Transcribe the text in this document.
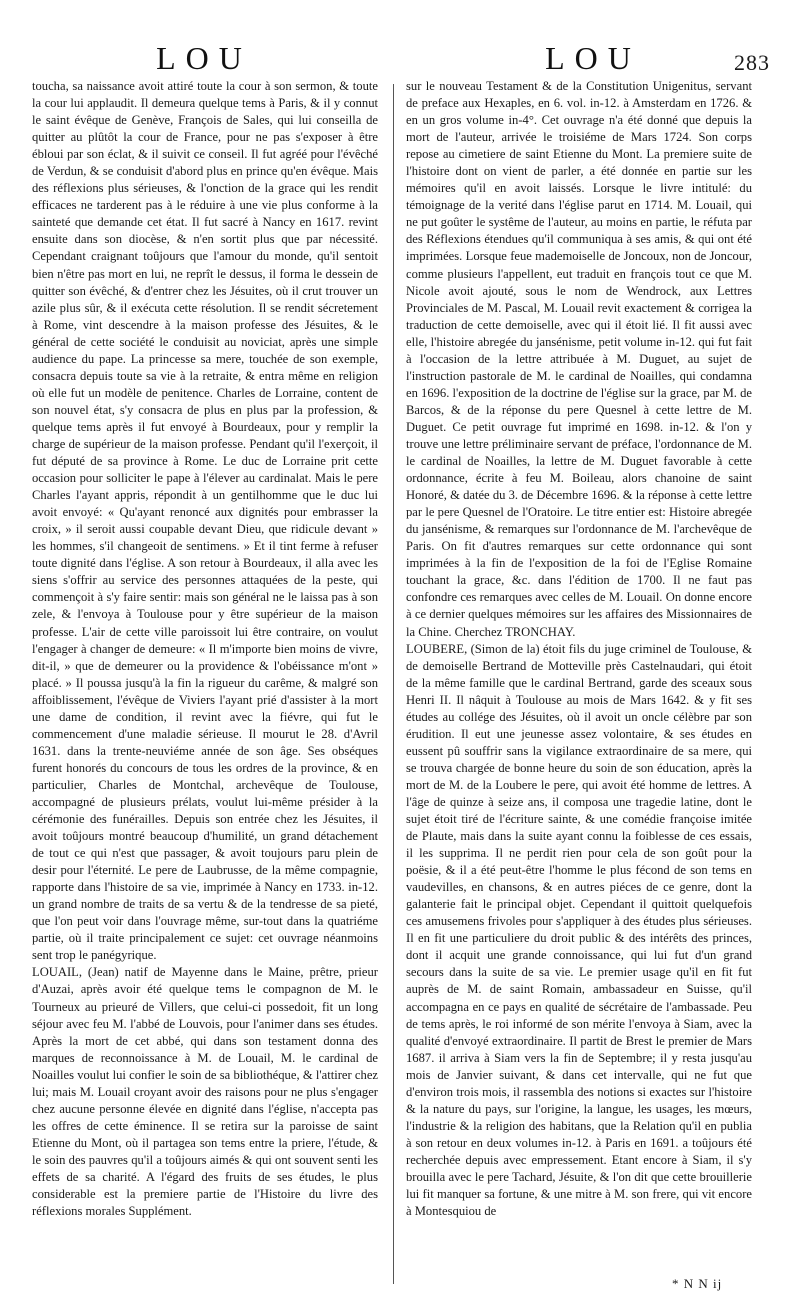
LOU	LOU	283

toucha, sa naissance avoit attiré toute la cour à son sermon, & toute la cour lui applaudit. Il demeura quelque tems à Paris, & il y connut le saint évêque de Genève, François de Sales, qui lui conseilla de quitter au plûtôt la cour de France, pour ne pas s'exposer à être ébloui par son éclat, & il suivit ce conseil. Il fut agréé pour l'évêché de Verdun, & se conduisit d'abord plus en prince qu'en évêque. Mais des réflexions plus sérieuses, & l'onction de la grace qui les rendit efficaces ne tarderent pas à le réduire à une vie plus conforme à la sainteté que demande cet état. Il fut sacré à Nancy en 1617. revint ensuite dans son diocèse, & n'en sortit plus que par nécessité. Cependant craignant toûjours que l'amour du monde, qu'il sentoit bien n'être pas mort en lui, ne reprît le dessus, il forma le dessein de quitter son évêché, & d'entrer chez les Jésuites, où il crut trouver un azile plus sûr, & il exécuta cette résolution. Il se rendit sécretement à Rome, vint descendre à la maison professe des Jésuites, & le général de cette société le conduisit au noviciat, après une simple audience du pape. La princesse sa mere, touchée de son exemple, consacra depuis toute sa vie à la retraite, & entra même en religion où elle fut un modèle de penitence. Charles de Lorraine, content de son nouvel état, s'y consacra de plus en plus par la profession, & quelque tems après il fut envoyé à Bourdeaux, pour y remplir la charge de supérieur de la maison professe. Pendant qu'il l'exerçoit, il fut député de sa province à Rome. Le duc de Lorraine prit cette occasion pour solliciter le pape à l'élever au cardinalat. Mais le pere Charles l'ayant appris, répondit à un gentilhomme que le duc lui avoit envoyé: « Qu'ayant renoncé aux dignités pour embrasser la croix, » il seroit aussi coupable devant Dieu, que ridicule devant » les hommes, s'il changeoit de sentimens. » Et il tint ferme à refuser toute dignité dans l'église. A son retour à Bourdeaux, il alla avec les siens s'offrir au service des personnes attaquées de la peste, qui commençoit à s'y faire sentir: mais son général ne le laissa pas à son zele, & l'envoya à Toulouse pour y être supérieur de la maison professe. L'air de cette ville paroissoit lui être contraire, on voulut l'engager à changer de demeure: « Il m'importe bien moins de vivre, dit-il, » que de demeurer ou la providence & l'obéissance m'ont » placé. » Il poussa jusqu'à la fin la rigueur du carême, & malgré son affoiblissement, l'évêque de Viviers l'ayant prié d'assister à la mort une dame de condition, il revint avec la fiévre, qui fut le commencement d'une maladie sérieuse. Il mourut le 28. d'Avril 1631. dans la trente-neuviéme année de son âge. Ses obséques furent honorés du concours de tous les ordres de la province, & en particulier, Charles de Montchal, archevêque de Toulouse, accompagné de plusieurs prélats, voulut lui-même présider à la cérémonie des funérailles. Depuis son entrée chez les Jésuites, il avoit toûjours montré beaucoup d'humilité, un grand détachement de tout ce qui n'est que passager, & avoit toujours paru plein de desir pour l'éternité. Le pere de Laubrusse, de la même compagnie, rapporte dans l'histoire de sa vie, imprimée à Nancy en 1733. in-12. un grand nombre de traits de sa vertu & de la tendresse de sa pieté, que l'on peut voir dans l'ouvrage même, sur-tout dans la quatriéme partie, où il traite principalement ce sujet: cet ouvrage néanmoins sent trop le panégyrique.

LOUAIL, (Jean) natif de Mayenne dans le Maine, prêtre, prieur d'Auzai, après avoir été quelque tems le compagnon de M. le Tourneux au prieuré de Villers, que celui-ci possedoit, fit un long séjour avec feu M. l'abbé de Louvois, pour l'animer dans ses études. Après la mort de cet abbé, qui dans son testament donna des marques de reconnoissance à M. de Louail, M. le cardinal de Noailles voulut lui confier le soin de sa bibliothéque, & l'attirer chez lui; mais M. Louail croyant avoir des raisons pour ne plus s'engager chez aucune personne élevée en dignité dans l'église, n'accepta pas les offres de cette éminence. Il se retira sur la paroisse de saint Etienne du Mont, où il partagea son tems entre la priere, l'étude, & le soin des pauvres qu'il a toûjours aimés & qui ont souvent senti les effets de sa charité. A l'égard des fruits de ses études, le plus considerable est la premiere partie de l'Histoire du livre des réflexions morales Supplément.

sur le nouveau Testament & de la Constitution Unigenitus, servant de preface aux Hexaples, en 6. vol. in-12. à Amsterdam en 1726. & en un gros volume in-4°. Cet ouvrage n'a été donné que depuis la mort de l'auteur, arrivée le troisiéme de Mars 1724. Son corps repose au cimetiere de saint Etienne du Mont. La premiere suite de l'histoire dont on vient de parler, a été donnée en partie sur les mémoires qu'il en avoit laissés. Lorsque le livre intitulé: du témoignage de la verité dans l'église parut en 1714. M. Louail, qui ne put goûter le systême de l'auteur, au moins en partie, le réfuta par des Réflexions étendues qu'il communiqua à ses amis, & qui ont été imprimées. Lorsque feue mademoiselle de Joncoux, non de Joncour, comme plusieurs l'appellent, eut traduit en françois tout ce que M. Nicole avoit ajouté, sous le nom de Wendrock, aux Lettres Provinciales de M. Pascal, M. Louail revit exactement & corrigea la traduction de cette demoiselle, avec qui il étoit lié. Il fit aussi avec elle, l'histoire abregée du jansénisme, petit volume in-12. qui fut fait à l'occasion de la lettre attribuée à M. Duguet, au sujet de l'instruction pastorale de M. le cardinal de Noailles, qui condamna en 1696. l'exposition de la doctrine de l'église sur la grace, par M. de Barcos, & de la réponse du pere Quesnel à cette lettre de M. Duguet. Ce petit ouvrage fut imprimé en 1698. in-12. & l'on y trouve une lettre préliminaire servant de préface, l'ordonnance de M. le cardinal de Noailles, la lettre de M. Duguet favorable à cette ordonnance, écrite à feu M. Boileau, alors chanoine de saint Honoré, & datée du 3. de Décembre 1696. & la réponse à cette lettre par le pere Quesnel de l'Oratoire. Le titre entier est: Histoire abregée du jansénisme, & remarques sur l'ordonnance de M. l'archevêque de Paris. On fit d'autres remarques sur cette ordonnance qui sont imprimées à la fin de l'exposition de la foi de l'Eglise Romaine touchant la grace, &c. dans l'édition de 1700. Il ne faut pas confondre ces remarques avec celles de M. Louail. On donne encore à ce dernier quelques mémoires sur les affaires des Missionnaires de la Chine. Cherchez TRONCHAY.

LOUBERE, (Simon de la) étoit fils du juge criminel de Toulouse, & de demoiselle Bertrand de Motteville près Castelnaudari, qui étoit de la même famille que le cardinal Bertrand, garde des sceaux sous Henri II. Il nâquit à Toulouse au mois de Mars 1642. & y fit ses études au collége des Jésuites, où il avoit un oncle célèbre par son érudition. Il eut une jeunesse assez volontaire, & ses études en eussent pû souffrir sans la vigilance extraordinaire de sa mere, qui se trouva chargée de bonne heure du soin de son éducation, après la mort de M. de la Loubere le pere, qui avoit été homme de lettres. A l'âge de quinze à seize ans, il composa une tragedie latine, dont le sujet étoit tiré de l'écriture sainte, & une comédie françoise imitée de Plaute, mais dans la suite ayant connu la foiblesse de ces essais, il les supprima. Il ne perdit rien pour cela de son goût pour la poësie, & il a été peut-être l'homme le plus fécond de son tems en vaudevilles, en chansons, & en autres piéces de ce genre, dont la galanterie fait le principal objet. Cependant il quittoit quelquefois ces amusemens frivoles pour s'appliquer à des études plus sérieuses. Il en fit une particuliere du droit public & des intérêts des princes, dont il acquit une grande connoissance, qui lui fut d'un grand secours dans la suite de sa vie. Le premier usage qu'il en fit fut auprès de M. de saint Romain, ambassadeur en Suisse, qu'il accompagna en ce pays en qualité de sécrétaire de l'ambassade. Peu de tems après, le roi informé de son mérite l'envoya à Siam, avec la qualité d'envoyé extraordinaire. Il partit de Brest le premier de Mars 1687. il arriva à Siam vers la fin de Septembre; il y resta jusqu'au mois de Janvier suivant, & dans cet intervalle, qui ne fut que d'environ trois mois, il rassembla des notions si exactes sur l'histoire & la nature du pays, sur l'origine, la langue, les usages, les mœurs, l'industrie & la religion des habitans, que la Relation qu'il en publia à son retour en deux volumes in-12. à Paris en 1691. a toûjours été recherchée depuis avec empressement. Etant encore à Siam, il s'y brouilla avec le pere Tachard, Jésuite, & l'on dit que cette brouillerie lui fit manquer sa fortune, & une mitre à M. son frere, qui vit encore à Montesquiou de

* N N ij
